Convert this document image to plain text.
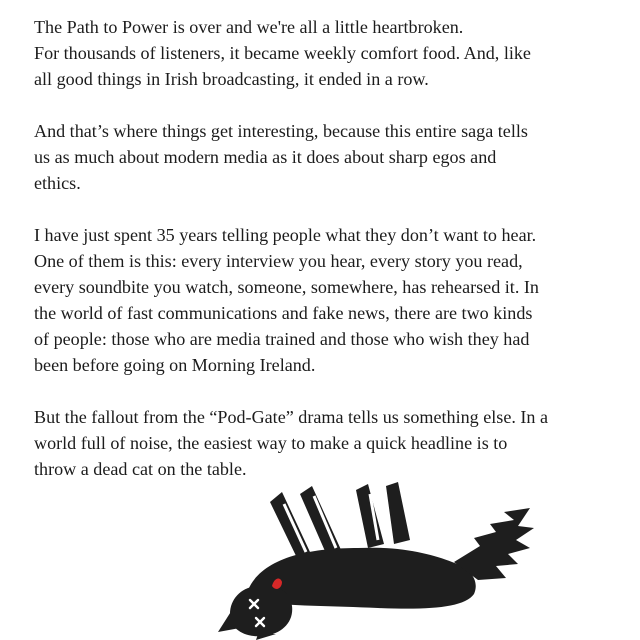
The Path to Power is over and we're all a little heartbroken.
For thousands of listeners, it became weekly comfort food. And, like
all good things in Irish broadcasting, it ended in a row.
And that’s where things get interesting, because this entire saga tells
us as much about modern media as it does about sharp egos and
ethics.
I have just spent 35 years telling people what they don’t want to hear.
One of them is this: every interview you hear, every story you read,
every soundbite you watch, someone, somewhere, has rehearsed it. In
the world of fast communications and fake news, there are two kinds
of people: those who are media trained and those who wish they had
been before going on Morning Ireland.
But the fallout from the “Pod-Gate” drama tells us something else. In a
world full of noise, the easiest way to make a quick headline is to
throw a dead cat on the table.
